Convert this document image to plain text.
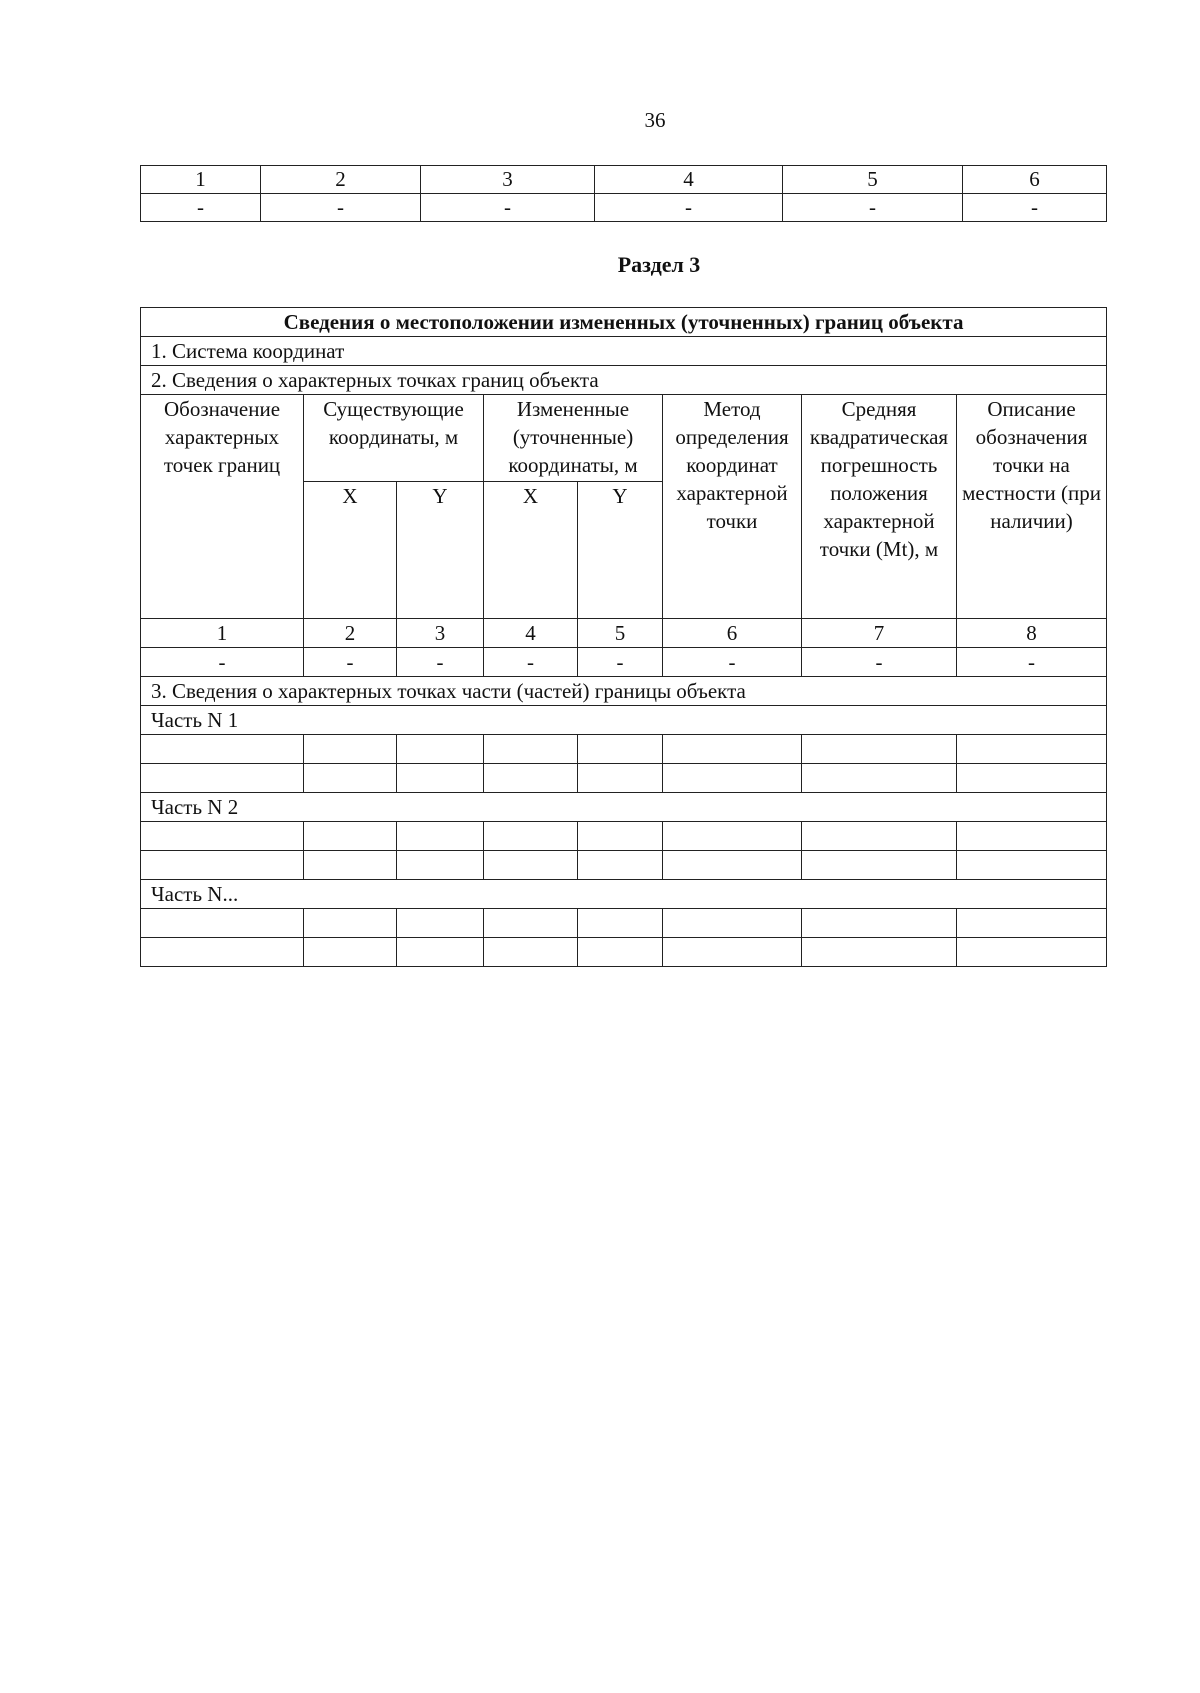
36
1	2	3	4	5	6
-	-	-	-	-	-
Раздел 3
Сведения о местоположении измененных (уточненных) границ объекта							
1. Система координат							
2. Сведения о характерных точках границ объекта							
Обозначение характерных точек границ	Существующие координаты, м		Измененные (уточненные) координаты, м		Метод определения координат характерной точки	Средняя квадратическая погрешность положения характерной точки (Mt), м	Описание обозначения точки на местности (при наличии)
	X	Y	X	Y			
1	2	3	4	5	6	7	8
-	-	-	-	-	-	-	-
3. Сведения о характерных точках части (частей) границы объекта							
Часть N 1							

Часть N 2							

Часть N...							
